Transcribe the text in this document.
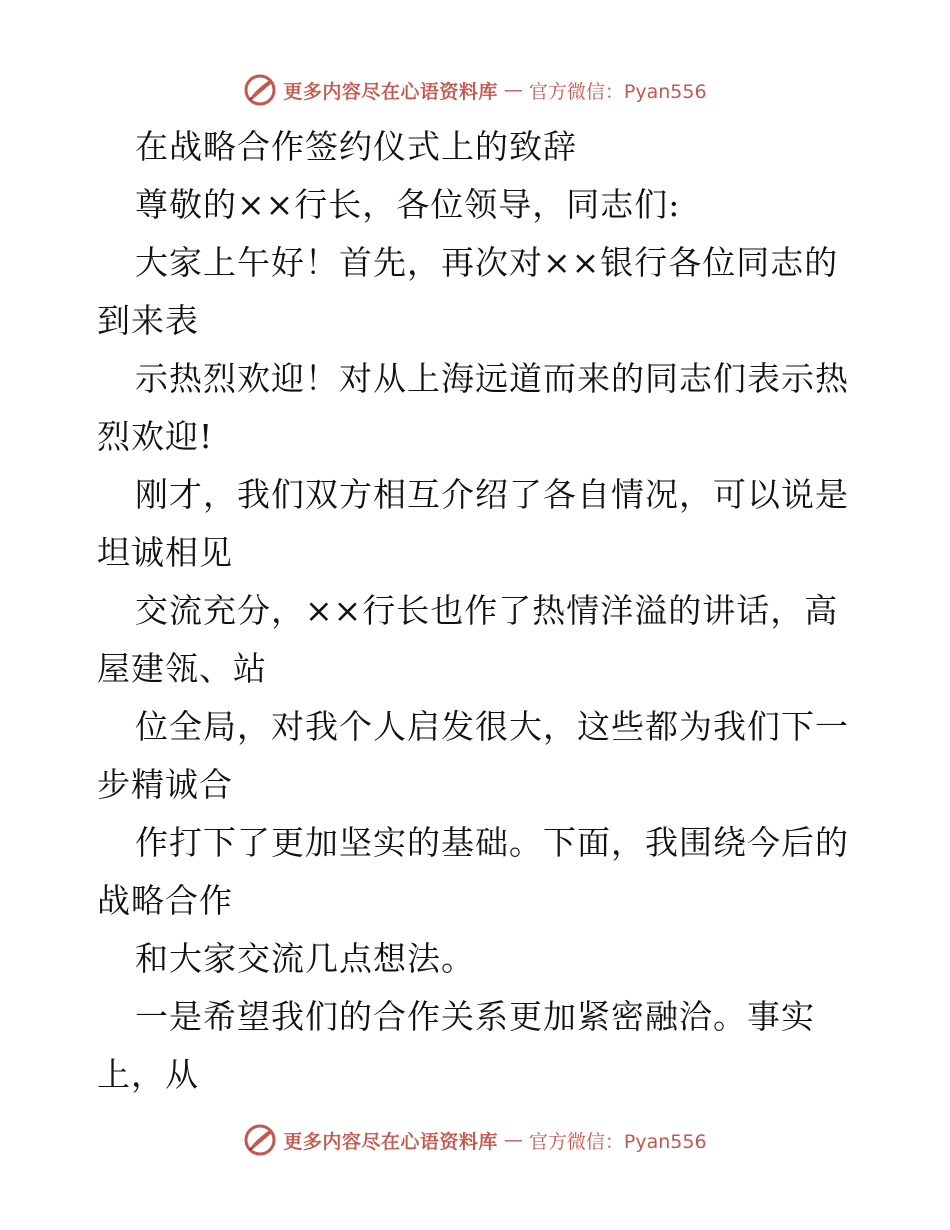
更多内容尽在心语资料库 — 官方微信：Pyan556
在战略合作签约仪式上的致辞
尊敬的××行长，各位领导，同志们:
大家上午好！首先，再次对××银行各位同志的
到来表
示热烈欢迎！对从上海远道而来的同志们表示热
烈欢迎!
刚才，我们双方相互介绍了各自情况，可以说是
坦诚相见
交流充分，××行长也作了热情洋溢的讲话，高
屋建瓴、站
位全局，对我个人启发很大，这些都为我们下一
步精诚合
作打下了更加坚实的基础。下面，我围绕今后的
战略合作
和大家交流几点想法。
一是希望我们的合作关系更加紧密融洽。事实
上，从
更多内容尽在心语资料库 — 官方微信：Pyan556
